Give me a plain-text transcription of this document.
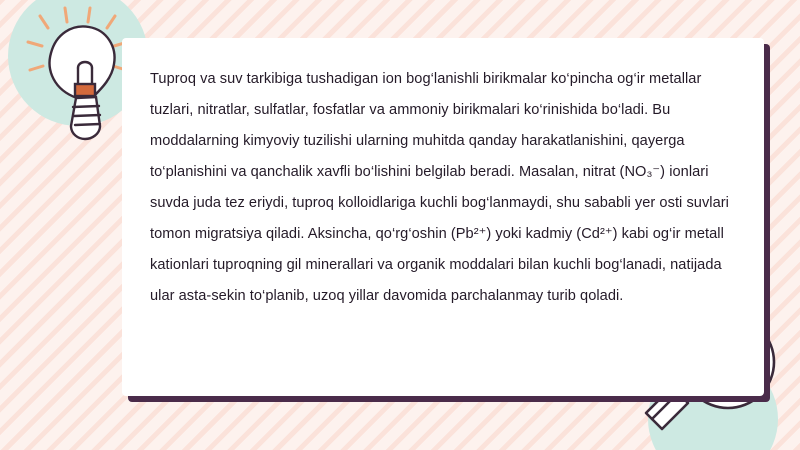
Tuproq va suv tarkibiga tushadigan ion bog‘lanishli birikmalar ko‘pincha og‘ir metallar tuzlari, nitratlar, sulfatlar, fosfatlar va ammoniy birikmalari ko‘rinishida bo‘ladi. Bu moddalarning kimyoviy tuzilishi ularning muhitda qanday harakatlanishini, qayerga to‘planishini va qanchalik xavfli bo‘lishini belgilab beradi. Masalan, nitrat (NO₃⁻) ionlari suvda juda tez eriydi, tuproq kolloidlariga kuchli bog‘lanmaydi, shu sababli yer osti suvlari tomon migratsiya qiladi. Aksincha, qo‘rg‘oshin (Pb²⁺) yoki kadmiy (Cd²⁺) kabi og‘ir metall kationlari tuproqning gil minerallari va organik moddalari bilan kuchli bog‘lanadi, natijada ular asta-sekin to‘planib, uzoq yillar davomida parchalanmay turib qoladi.
